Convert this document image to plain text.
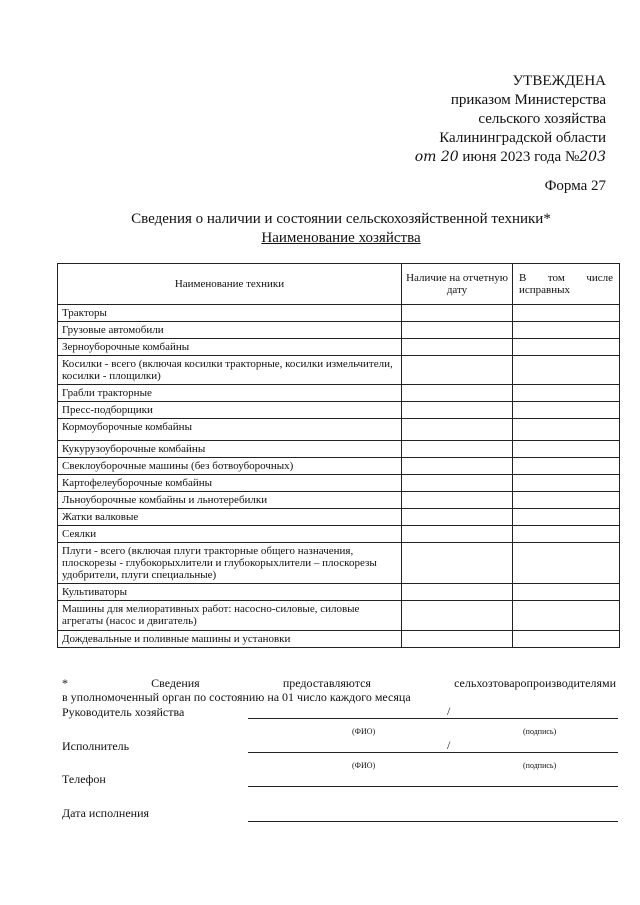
УТВЕЖДЕНА
приказом Министерства
сельского хозяйства
Калининградской области
от 20 июня 2023 года №203
Форма 27
Сведения о наличии и состоянии сельскохозяйственной техники*
Наименование хозяйства
Наименование техники	Наличие на отчетную дату	В том числе исправных
Тракторы		
Грузовые автомобили		
Зерноуборочные комбайны		
Косилки - всего (включая косилки тракторные, косилки измельчители, косилки - площилки)		
Грабли тракторные		
Пресс-подборщики		
Кормоуборочные комбайны		
Кукурузоуборочные комбайны		
Свеклоуборочные машины (без ботвоуборочных)		
Картофелеуборочные комбайны		
Льноуборочные комбайны и льнотеребилки		
Жатки валковые		
Сеялки		
Плуги - всего (включая плуги тракторные общего назначения, плоскорезы - глубокорыхлители и глубокорыхлители – плоскорезы удобрители, плуги специальные)		
Культиваторы		
Машины для мелиоративных работ: насосно-силовые, силовые агрегаты (насос и двигатель)		
Дождевальные и поливные машины и установки		
* Сведения предоставляются сельхозтоваропроизводителями
в уполномоченный орган по состоянию на 01 число каждого месяца
Руководитель хозяйства	/
(ФИО)	(подпись)
Исполнитель	/
(ФИО)	(подпись)
Телефон
Дата исполнения
